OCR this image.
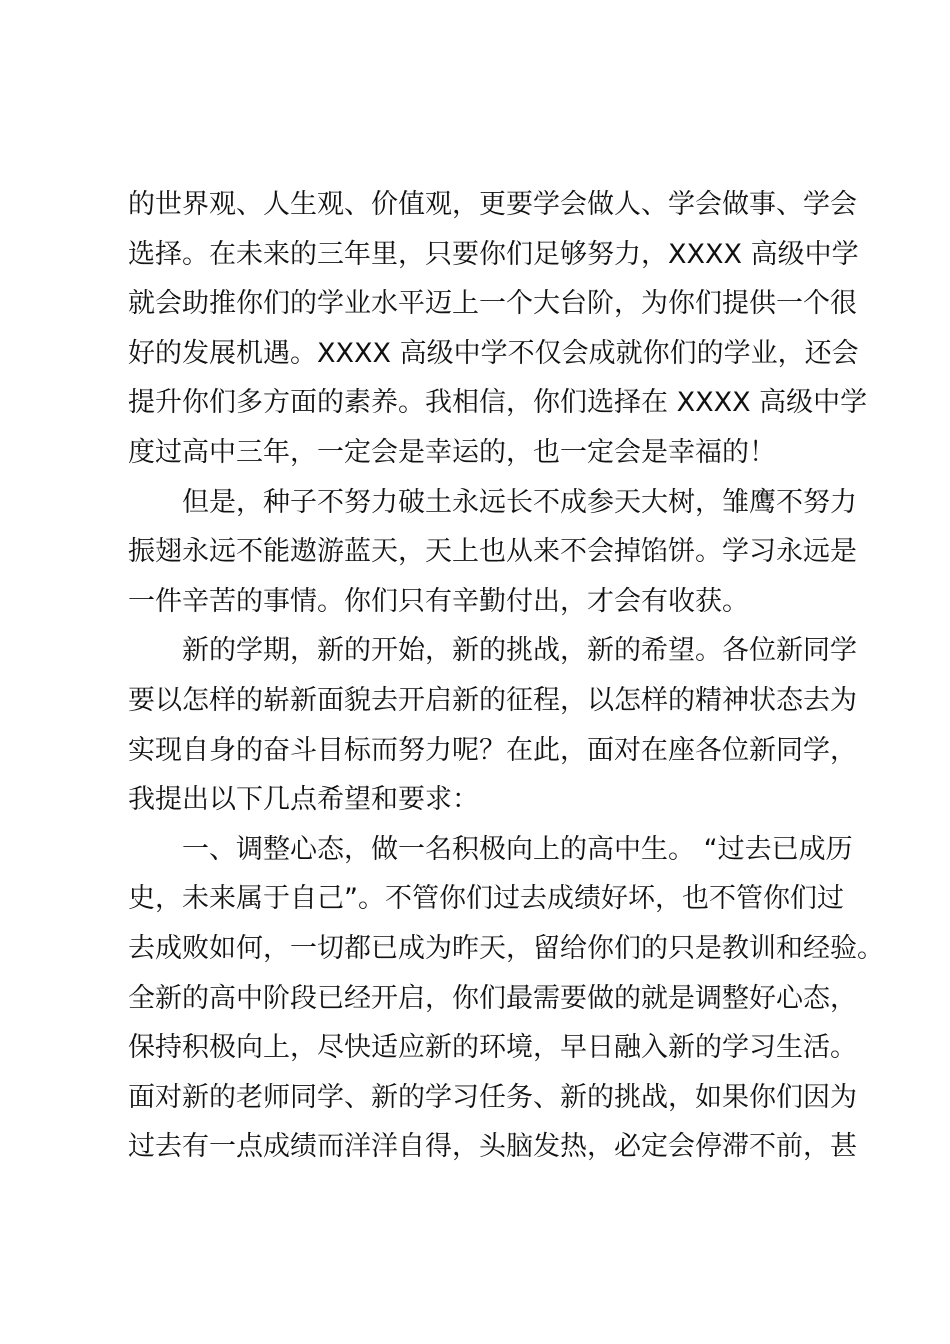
的世界观、人生观、价值观，更要学会做人、学会做事、学会
选择。在未来的三年里，只要你们足够努力，XXXX 高级中学
就会助推你们的学业水平迈上一个大台阶，为你们提供一个很
好的发展机遇。XXXX 高级中学不仅会成就你们的学业，还会
提升你们多方面的素养。我相信，你们选择在 XXXX 高级中学
度过高中三年，一定会是幸运的，也一定会是幸福的！
但是，种子不努力破土永远长不成参天大树，雏鹰不努力
振翅永远不能遨游蓝天，天上也从来不会掉馅饼。学习永远是
一件辛苦的事情。你们只有辛勤付出，才会有收获。
新的学期，新的开始，新的挑战，新的希望。各位新同学
要以怎样的崭新面貌去开启新的征程，以怎样的精神状态去为
实现自身的奋斗目标而努力呢？在此，面对在座各位新同学，
我提出以下几点希望和要求：
一、调整心态，做一名积极向上的高中生。 “过去已成历
史，未来属于自己”。不管你们过去成绩好坏，也不管你们过
去成败如何，一切都已成为昨天，留给你们的只是教训和经验。
全新的高中阶段已经开启，你们最需要做的就是调整好心态，
保持积极向上，尽快适应新的环境，早日融入新的学习生活。
面对新的老师同学、新的学习任务、新的挑战，如果你们因为
过去有一点成绩而洋洋自得，头脑发热，必定会停滞不前，甚
